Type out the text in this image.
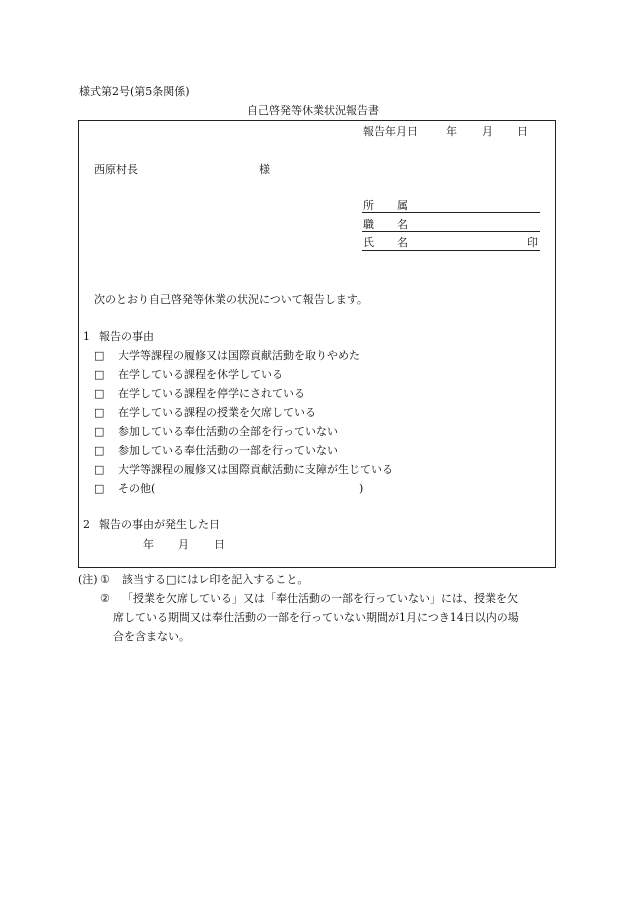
様式第2号(第5条関係)
自己啓発等休業状況報告書
報告年月日	年 月 日
西原村長	様
所 属
職 名
氏 名	印
次のとおり自己啓発等休業の状況について報告します。
1 報告の事由
□ 大学等課程の履修又は国際貢献活動を取りやめた
□ 在学している課程を休学している
□ 在学している課程を停学にされている
□ 在学している課程の授業を欠席している
□ 参加している奉仕活動の全部を行っていない
□ 参加している奉仕活動の一部を行っていない
□ 大学等課程の履修又は国際貢献活動に支障が生じている
□ その他(	)
2 報告の事由が発生した日
年 月 日
(注) ① 該当する□にはレ印を記入すること。
② 「授業を欠席している」又は「奉仕活動の一部を行っていない」には、授業を欠
席している期間又は奉仕活動の一部を行っていない期間が1月につき14日以内の場
合を含まない。
